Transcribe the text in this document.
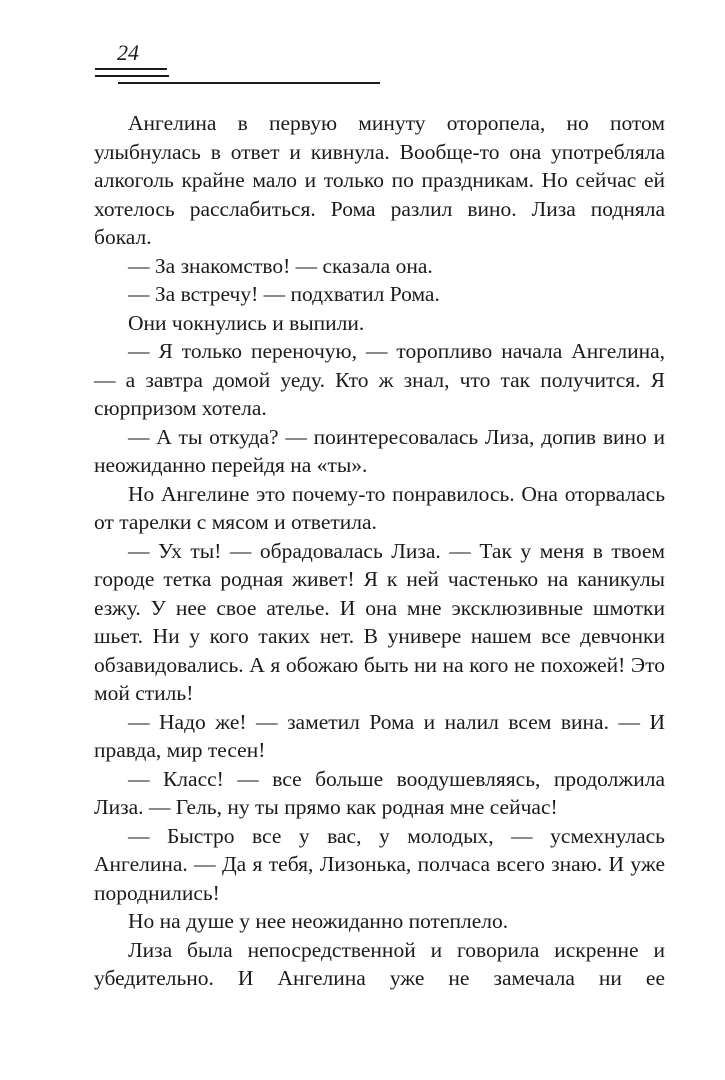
24

Ангелина в первую минуту оторопела, но потом улыбнулась в ответ и кивнула. Вообще-то она употребляла алкоголь крайне мало и только по праздникам. Но сейчас ей хотелось расслабиться. Рома разлил вино. Лиза подняла бокал.

— За знакомство! — сказала она.

— За встречу! — подхватил Рома.

Они чокнулись и выпили.

— Я только переночую, — торопливо начала Ангелина, — а завтра домой уеду. Кто ж знал, что так получится. Я сюрпризом хотела.

— А ты откуда? — поинтересовалась Лиза, допив вино и неожиданно перейдя на «ты».

Но Ангелине это почему-то понравилось. Она оторвалась от тарелки с мясом и ответила.

— Ух ты! — обрадовалась Лиза. — Так у меня в твоем городе тетка родная живет! Я к ней частенько на каникулы езжу. У нее свое ателье. И она мне эксклюзивные шмотки шьет. Ни у кого таких нет. В универе нашем все девчонки обзавидовались. А я обожаю быть ни на кого не похожей! Это мой стиль!

— Надо же! — заметил Рома и налил всем вина. — И правда, мир тесен!

— Класс! — все больше воодушевляясь, продолжила Лиза. — Гель, ну ты прямо как родная мне сейчас!

— Быстро все у вас, у молодых, — усмехнулась Ангелина. — Да я тебя, Лизонька, полчаса всего знаю. И уже породнились!

Но на душе у нее неожиданно потеплело.

Лиза была непосредственной и говорила искренне и убедительно. И Ангелина уже не замечала ни ее
